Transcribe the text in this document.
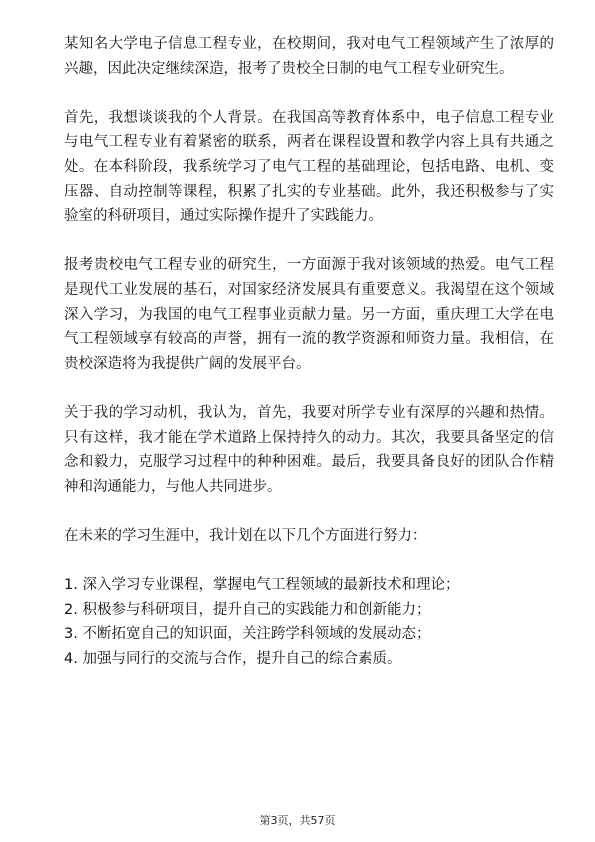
某知名大学电子信息工程专业，在校期间，我对电气工程领域产生了浓厚的兴趣，因此决定继续深造，报考了贵校全日制的电气工程专业研究生。

首先，我想谈谈我的个人背景。在我国高等教育体系中，电子信息工程专业与电气工程专业有着紧密的联系，两者在课程设置和教学内容上具有共通之处。在本科阶段，我系统学习了电气工程的基础理论，包括电路、电机、变压器、自动控制等课程，积累了扎实的专业基础。此外，我还积极参与了实验室的科研项目，通过实际操作提升了实践能力。

报考贵校电气工程专业的研究生，一方面源于我对该领域的热爱。电气工程是现代工业发展的基石，对国家经济发展具有重要意义。我渴望在这个领域深入学习，为我国的电气工程事业贡献力量。另一方面，重庆理工大学在电气工程领域享有较高的声誉，拥有一流的教学资源和师资力量。我相信，在贵校深造将为我提供广阔的发展平台。

关于我的学习动机，我认为，首先，我要对所学专业有深厚的兴趣和热情。只有这样，我才能在学术道路上保持持久的动力。其次，我要具备坚定的信念和毅力，克服学习过程中的种种困难。最后，我要具备良好的团队合作精神和沟通能力，与他人共同进步。

在未来的学习生涯中，我计划在以下几个方面进行努力：

1. 深入学习专业课程，掌握电气工程领域的最新技术和理论；
2. 积极参与科研项目，提升自己的实践能力和创新能力；
3. 不断拓宽自己的知识面，关注跨学科领域的发展动态；
4. 加强与同行的交流与合作，提升自己的综合素质。
第3页，共57页
